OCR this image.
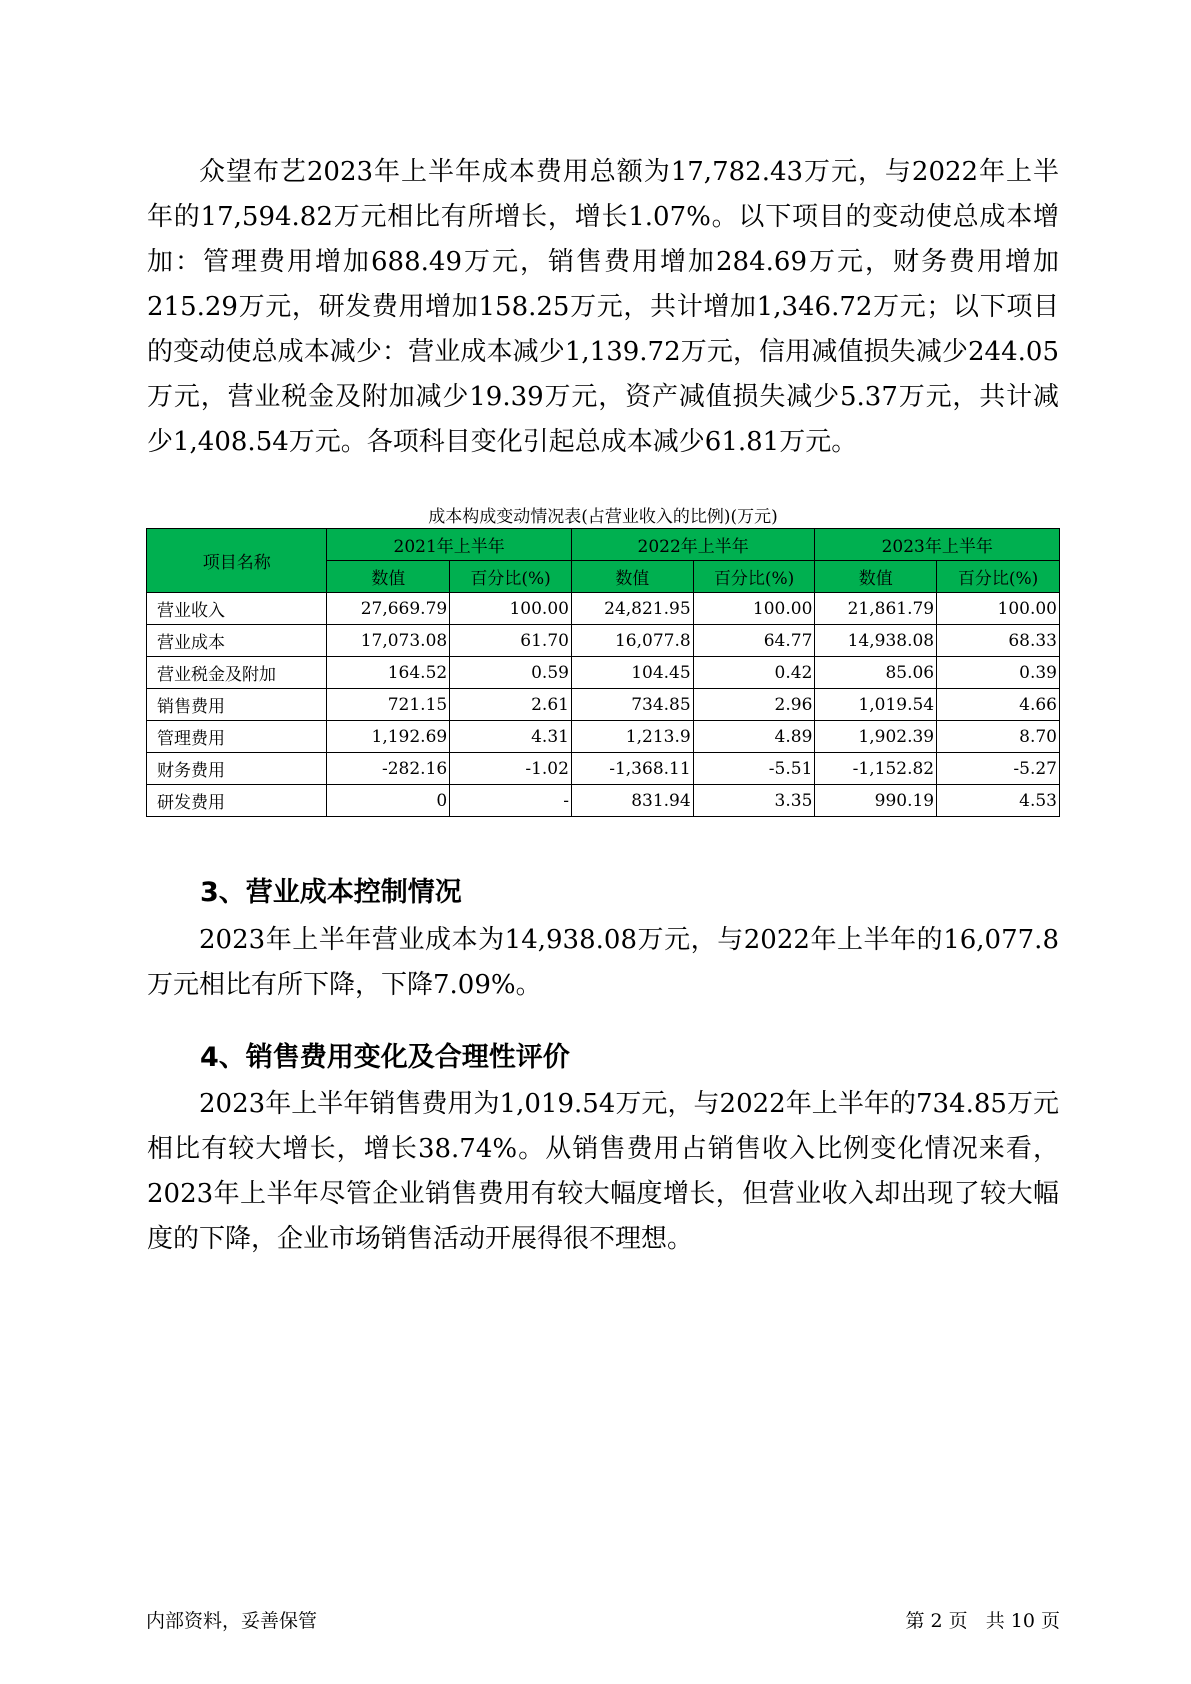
众望布艺2023年上半年成本费用总额为17,782.43万元，与2022年上半年的17,594.82万元相比有所增长，增长1.07%。以下项目的变动使总成本增加：管理费用增加688.49万元，销售费用增加284.69万元，财务费用增加215.29万元，研发费用增加158.25万元，共计增加1,346.72万元；以下项目的变动使总成本减少：营业成本减少1,139.72万元，信用减值损失减少244.05万元，营业税金及附加减少19.39万元，资产减值损失减少5.37万元，共计减少1,408.54万元。各项科目变化引起总成本减少61.81万元。

成本构成变动情况表(占营业收入的比例)(万元)
项目名称	2021年上半年		2022年上半年		2023年上半年	
	数值	百分比(%)	数值	百分比(%)	数值	百分比(%)
营业收入	27,669.79	100.00	24,821.95	100.00	21,861.79	100.00
营业成本	17,073.08	61.70	16,077.8	64.77	14,938.08	68.33
营业税金及附加	164.52	0.59	104.45	0.42	85.06	0.39
销售费用	721.15	2.61	734.85	2.96	1,019.54	4.66
管理费用	1,192.69	4.31	1,213.9	4.89	1,902.39	8.70
财务费用	-282.16	-1.02	-1,368.11	-5.51	-1,152.82	-5.27
研发费用	0	-	831.94	3.35	990.19	4.53
3、营业成本控制情况

2023年上半年营业成本为14,938.08万元，与2022年上半年的16,077.8万元相比有所下降，下降7.09%。

4、销售费用变化及合理性评价

2023年上半年销售费用为1,019.54万元，与2022年上半年的734.85万元相比有较大增长，增长38.74%。从销售费用占销售收入比例变化情况来看，2023年上半年尽管企业销售费用有较大幅度增长，但营业收入却出现了较大幅度的下降，企业市场销售活动开展得很不理想。

内部资料，妥善保管	第 2 页   共 10 页
